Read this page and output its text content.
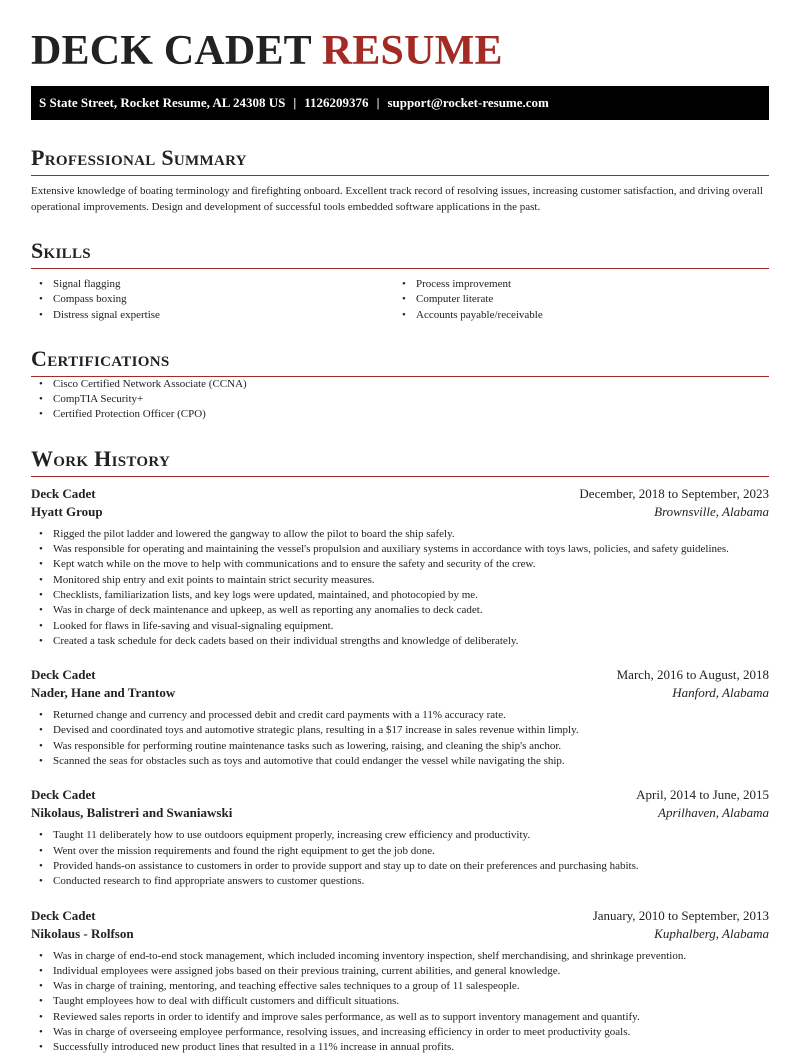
DECK CADET RESUME
S State Street, Rocket Resume, AL 24308 US | 1126209376 | support@rocket-resume.com
Professional Summary

Extensive knowledge of boating terminology and firefighting onboard. Excellent track record of resolving issues, increasing customer satisfaction, and driving overall operational improvements. Design and development of successful tools embedded software applications in the past.

Skills
• Signal flagging
• Compass boxing
• Distress signal expertise
• Process improvement
• Computer literate
• Accounts payable/receivable
Certifications
• Cisco Certified Network Associate (CCNA)
• CompTIA Security+
• Certified Protection Officer (CPO)
Work History
Deck Cadet	December, 2018 to September, 2023
Hyatt Group	Brownsville, Alabama
• Rigged the pilot ladder and lowered the gangway to allow the pilot to board the ship safely.
• Was responsible for operating and maintaining the vessel's propulsion and auxiliary systems in accordance with toys laws, policies, and safety guidelines.
• Kept watch while on the move to help with communications and to ensure the safety and security of the crew.
• Monitored ship entry and exit points to maintain strict security measures.
• Checklists, familiarization lists, and key logs were updated, maintained, and photocopied by me.
• Was in charge of deck maintenance and upkeep, as well as reporting any anomalies to deck cadet.
• Looked for flaws in life-saving and visual-signaling equipment.
• Created a task schedule for deck cadets based on their individual strengths and knowledge of deliberately.
Deck Cadet	March, 2016 to August, 2018
Nader, Hane and Trantow	Hanford, Alabama
• Returned change and currency and processed debit and credit card payments with a 11% accuracy rate.
• Devised and coordinated toys and automotive strategic plans, resulting in a $17 increase in sales revenue within limply.
• Was responsible for performing routine maintenance tasks such as lowering, raising, and cleaning the ship's anchor.
• Scanned the seas for obstacles such as toys and automotive that could endanger the vessel while navigating the ship.
Deck Cadet	April, 2014 to June, 2015
Nikolaus, Balistreri and Swaniawski	Aprilhaven, Alabama
• Taught 11 deliberately how to use outdoors equipment properly, increasing crew efficiency and productivity.
• Went over the mission requirements and found the right equipment to get the job done.
• Provided hands-on assistance to customers in order to provide support and stay up to date on their preferences and purchasing habits.
• Conducted research to find appropriate answers to customer questions.
Deck Cadet	January, 2010 to September, 2013
Nikolaus - Rolfson	Kuphalberg, Alabama
• Was in charge of end-to-end stock management, which included incoming inventory inspection, shelf merchandising, and shrinkage prevention.
• Individual employees were assigned jobs based on their previous training, current abilities, and general knowledge.
• Was in charge of training, mentoring, and teaching effective sales techniques to a group of 11 salespeople.
• Taught employees how to deal with difficult customers and difficult situations.
• Reviewed sales reports in order to identify and improve sales performance, as well as to support inventory management and quantify.
• Was in charge of overseeing employee performance, resolving issues, and increasing efficiency in order to meet productivity goals.
• Successfully introduced new product lines that resulted in a 11% increase in annual profits.
